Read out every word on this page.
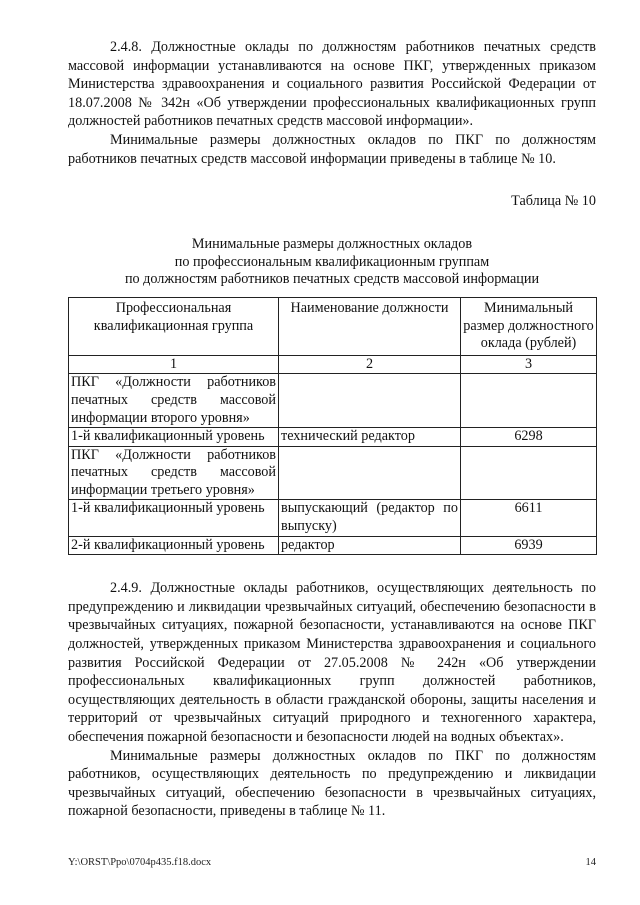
2.4.8. Должностные оклады по должностям работников печатных средств массовой информации устанавливаются на основе ПКГ, утвержденных приказом Министерства здравоохранения и социального развития Российской Федерации от 18.07.2008 № 342н «Об утверждении профессиональных квалификационных групп должностей работников печатных средств массовой информации».

Минимальные размеры должностных окладов по ПКГ по должностям работников печатных средств массовой информации приведены в таблице № 10.

Таблица № 10
Минимальные размеры должностных окладов
по профессиональным квалификационным группам
по должностям работников печатных средств массовой информации
Профессиональная квалификационная группа	Наименование должности	Минимальный размер должностного оклада (рублей)
1	2	3
ПКГ «Должности работников печатных средств массовой информации второго уровня»		
1-й квалификационный уровень	технический редактор	6298
ПКГ «Должности работников печатных средств массовой информации третьего уровня»		
1-й квалификационный уровень	выпускающий (редактор по выпуску)	6611
2-й квалификационный уровень	редактор	6939

2.4.9. Должностные оклады работников, осуществляющих деятельность по предупреждению и ликвидации чрезвычайных ситуаций, обеспечению безопасности в чрезвычайных ситуациях, пожарной безопасности, устанавливаются на основе ПКГ должностей, утвержденных приказом Министерства здравоохранения и социального развития Российской Федерации от 27.05.2008 № 242н «Об утверждении профессиональных квалификационных групп должностей работников, осуществляющих деятельность в области гражданской обороны, защиты населения и территорий от чрезвычайных ситуаций природного и техногенного характера, обеспечения пожарной безопасности и безопасности людей на водных объектах».

Минимальные размеры должностных окладов по ПКГ по должностям работников, осуществляющих деятельность по предупреждению и ликвидации чрезвычайных ситуаций, обеспечению безопасности в чрезвычайных ситуациях, пожарной безопасности, приведены в таблице № 11.

Y:\ORST\Ppo\0704p435.f18.docx	14
